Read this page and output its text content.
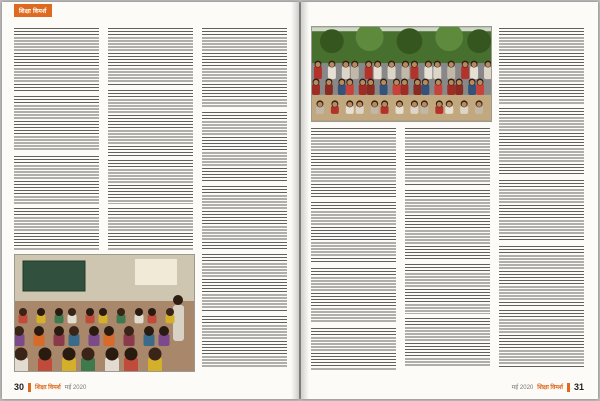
शिक्षा विमर्श
30 शिक्षा विमर्श मई 2020	मई 2020 शिक्षा विमर्श 31
